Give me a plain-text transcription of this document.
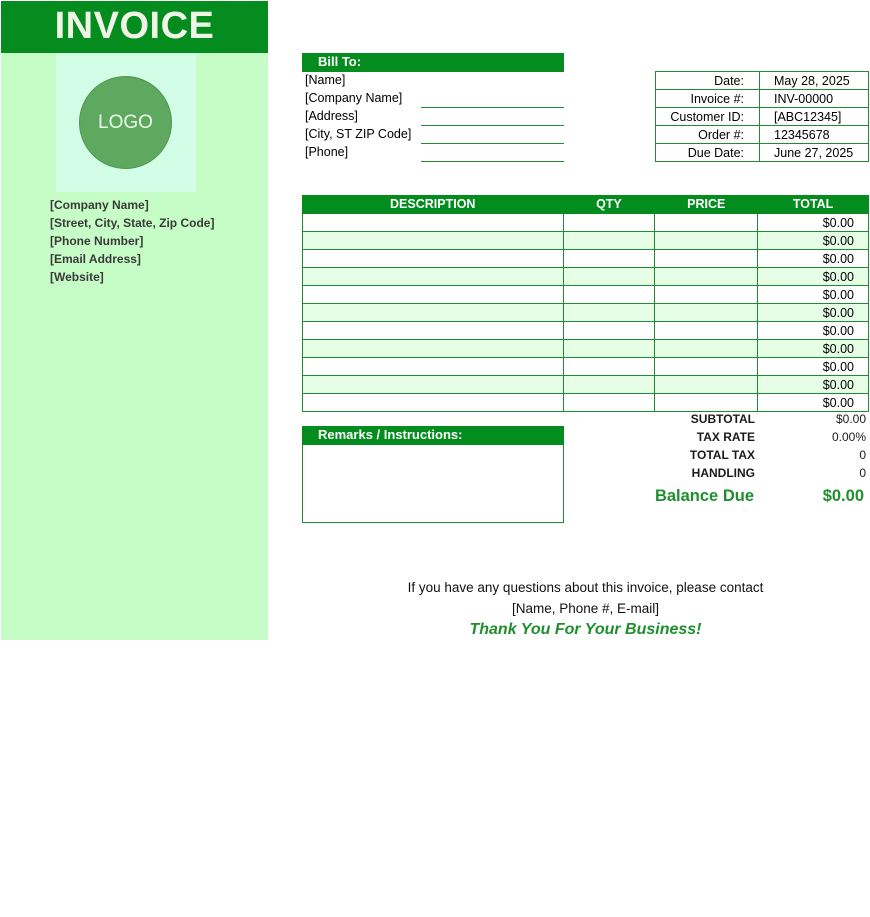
INVOICE
LOGO
[Company Name]
[Street, City, State, Zip Code]
[Phone Number]
[Email Address]
[Website]
Bill To:
[Name]
[Company Name]
[Address]
[City, ST ZIP Code]
[Phone]
Date:	May 28, 2025
Invoice #:	INV-00000
Customer ID:	[ABC12345]
Order #:	12345678
Due Date:	June 27, 2025
DESCRIPTION	QTY	PRICE	TOTAL
			$0.00
			$0.00
			$0.00
			$0.00
			$0.00
			$0.00
			$0.00
			$0.00
			$0.00
			$0.00
			$0.00
Remarks / Instructions:
SUBTOTAL	$0.00
TAX RATE	0.00%
TOTAL TAX	0
HANDLING	0
Balance Due	$0.00
If you have any questions about this invoice, please contact
[Name, Phone #, E-mail]
Thank You For Your Business!
